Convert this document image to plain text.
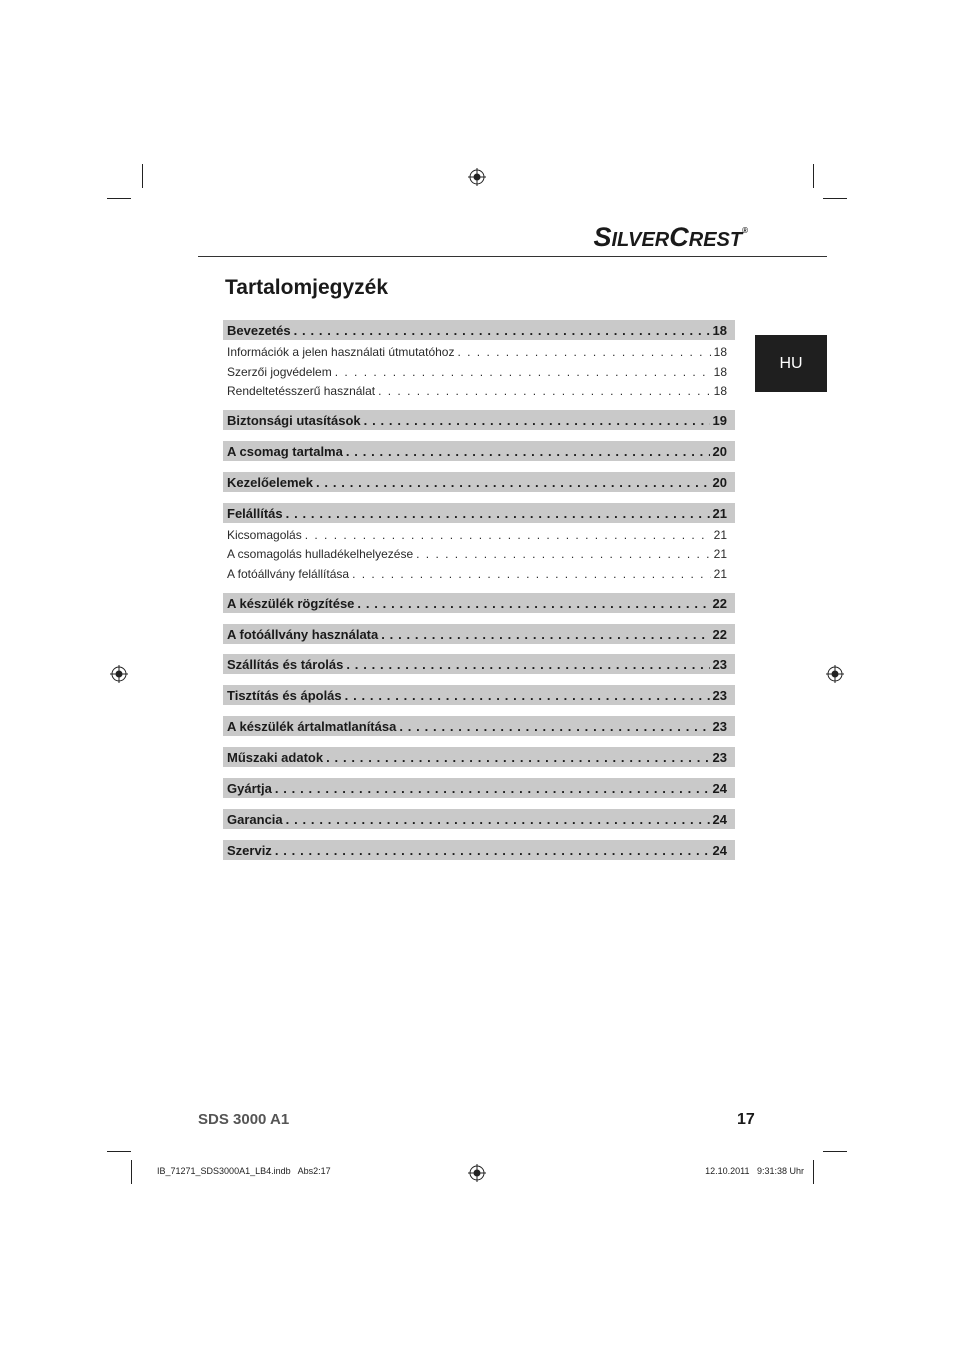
SILVERCREST®
Tartalomjegyzék
HU
Bevezetés . . .	18
Információk a jelen használati útmutatóhoz . . .	18
Szerzői jogvédelem . . .	18
Rendeltetésszerű használat . . .	18
Biztonsági utasítások . . .	19
A csomag tartalma . . .	20
Kezelőelemek . . .	20
Felállítás . . .	21
Kicsomagolás . . .	21
A csomagolás hulladékelhelyezése . . .	21
A fotóállvány felállítása . . .	21
A készülék rögzítése . . .	22
A fotóállvány használata . . .	22
Szállítás és tárolás . . .	23
Tisztítás és ápolás . . .	23
A készülék ártalmatlanítása . . .	23
Műszaki adatok . . .	23
Gyártja . . .	24
Garancia . . .	24
Szerviz . . .	24
SDS 3000 A1	17
IB_71271_SDS3000A1_LB4.indb   Abs2:17	12.10.2011   9:31:38 Uhr
